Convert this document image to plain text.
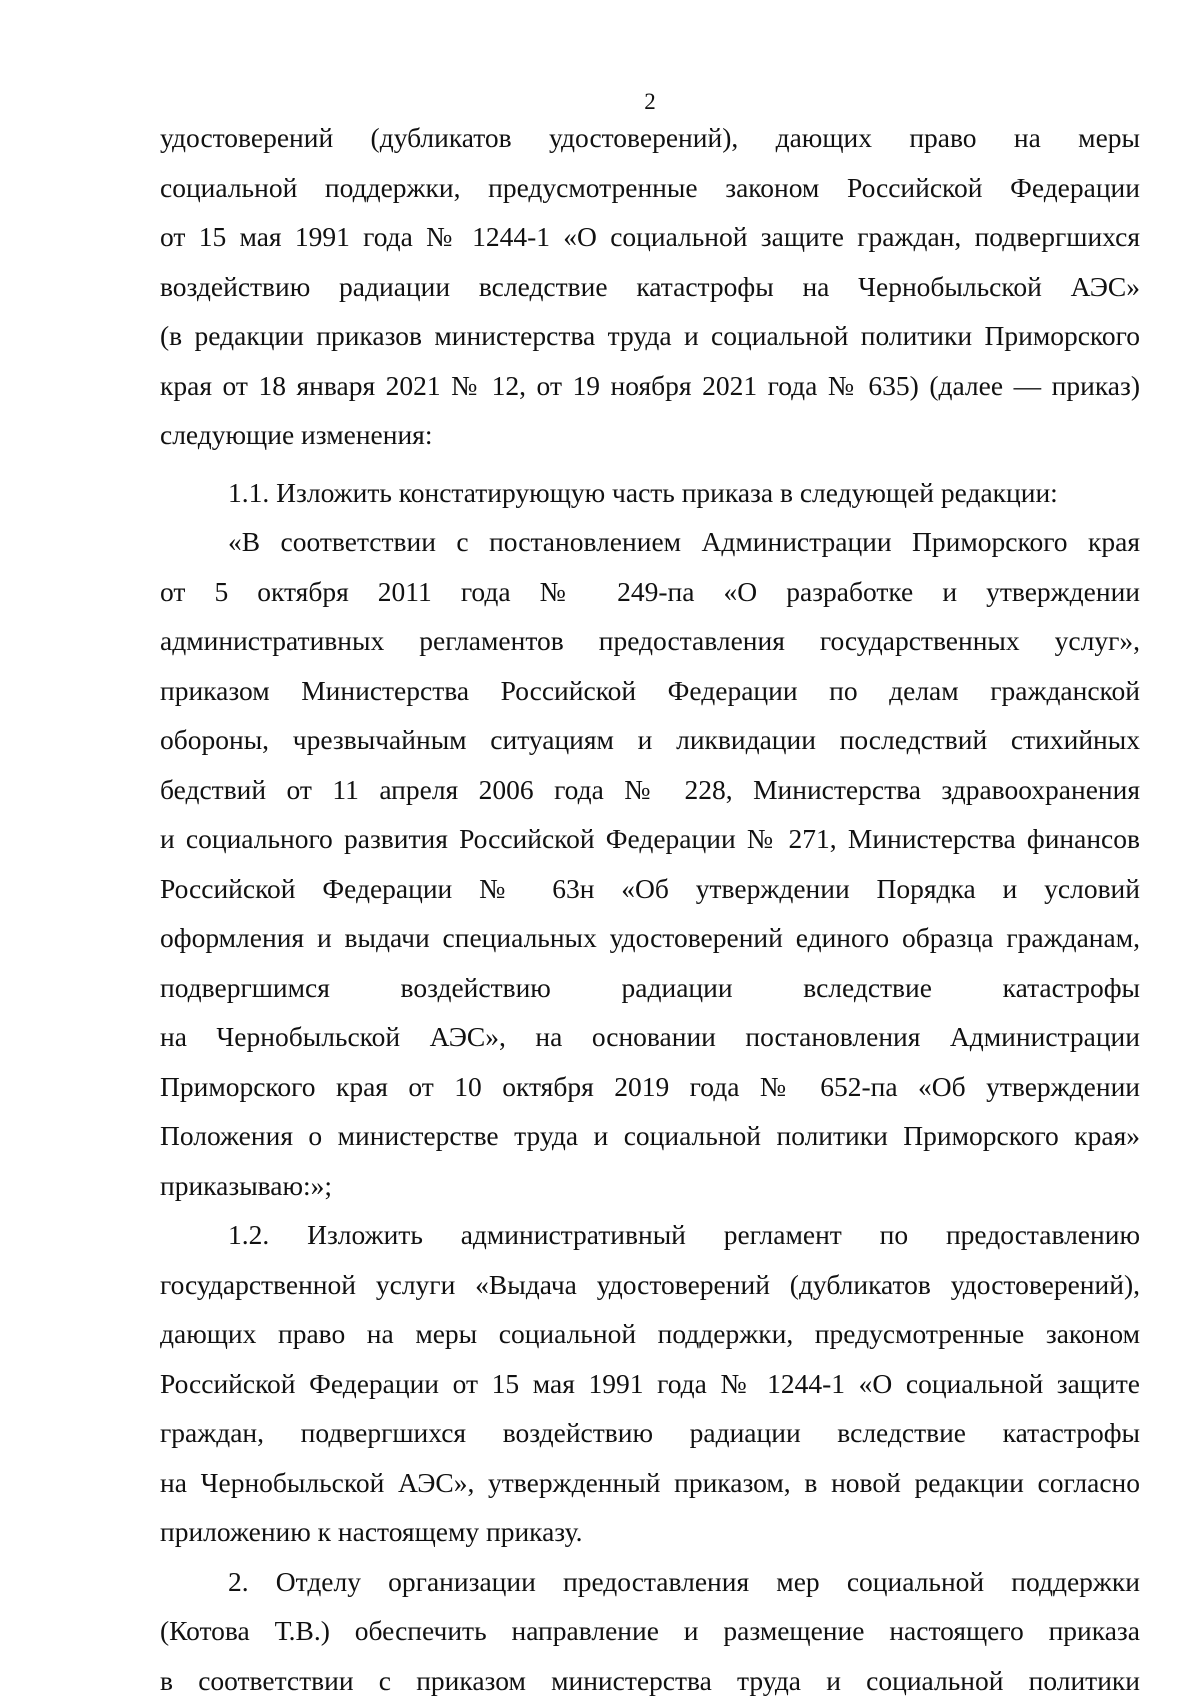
2
удостоверений (дубликатов удостоверений), дающих право на меры
социальной поддержки, предусмотренные законом Российской Федерации
от 15 мая 1991 года № 1244-1 «О социальной защите граждан, подвергшихся
воздействию радиации вследствие катастрофы на Чернобыльской АЭС»
(в редакции приказов министерства труда и социальной политики Приморского
края от 18 января 2021 № 12, от 19 ноября 2021 года № 635) (далее — приказ)
следующие изменения:
1.1. Изложить констатирующую часть приказа в следующей редакции:
«В соответствии с постановлением Администрации Приморского края
от 5 октября 2011 года № 249-па «О разработке и утверждении
административных регламентов предоставления государственных услуг»,
приказом Министерства Российской Федерации по делам гражданской
обороны, чрезвычайным ситуациям и ликвидации последствий стихийных
бедствий от 11 апреля 2006 года № 228, Министерства здравоохранения
и социального развития Российской Федерации № 271, Министерства финансов
Российской Федерации № 63н «Об утверждении Порядка и условий
оформления и выдачи специальных удостоверений единого образца гражданам,
подвергшимся воздействию радиации вследствие катастрофы
на Чернобыльской АЭС», на основании постановления Администрации
Приморского края от 10 октября 2019 года № 652-па «Об утверждении
Положения о министерстве труда и социальной политики Приморского края»
приказываю:»;
1.2. Изложить административный регламент по предоставлению
государственной услуги «Выдача удостоверений (дубликатов удостоверений),
дающих право на меры социальной поддержки, предусмотренные законом
Российской Федерации от 15 мая 1991 года № 1244-1 «О социальной защите
граждан, подвергшихся воздействию радиации вследствие катастрофы
на Чернобыльской АЭС», утвержденный приказом, в новой редакции согласно
приложению к настоящему приказу.
2. Отделу организации предоставления мер социальной поддержки
(Котова Т.В.) обеспечить направление и размещение настоящего приказа
в соответствии с приказом министерства труда и социальной политики
